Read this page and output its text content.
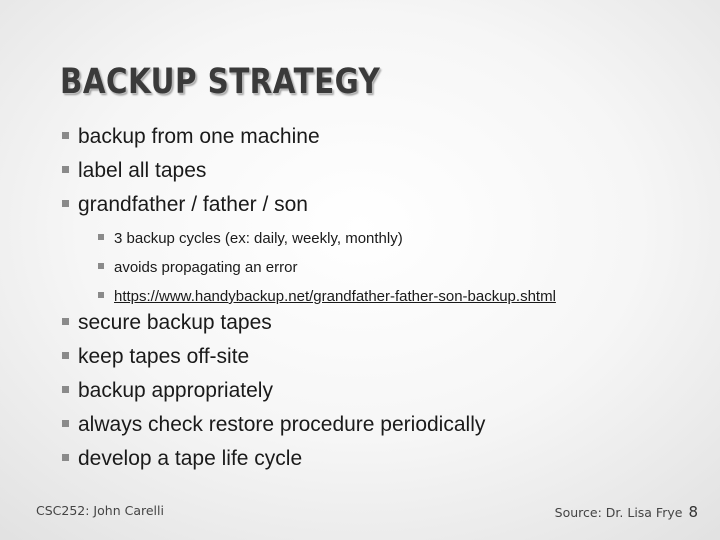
BACKUP STRATEGY
backup from one machine
label all tapes
grandfather / father / son
3 backup cycles (ex: daily, weekly, monthly)
avoids propagating an error
https://www.handybackup.net/grandfather-father-son-backup.shtml
secure backup tapes
keep tapes off-site
backup appropriately
always check restore procedure periodically
develop a tape life cycle
CSC252: John Carelli	Source: Dr. Lisa Frye 8
